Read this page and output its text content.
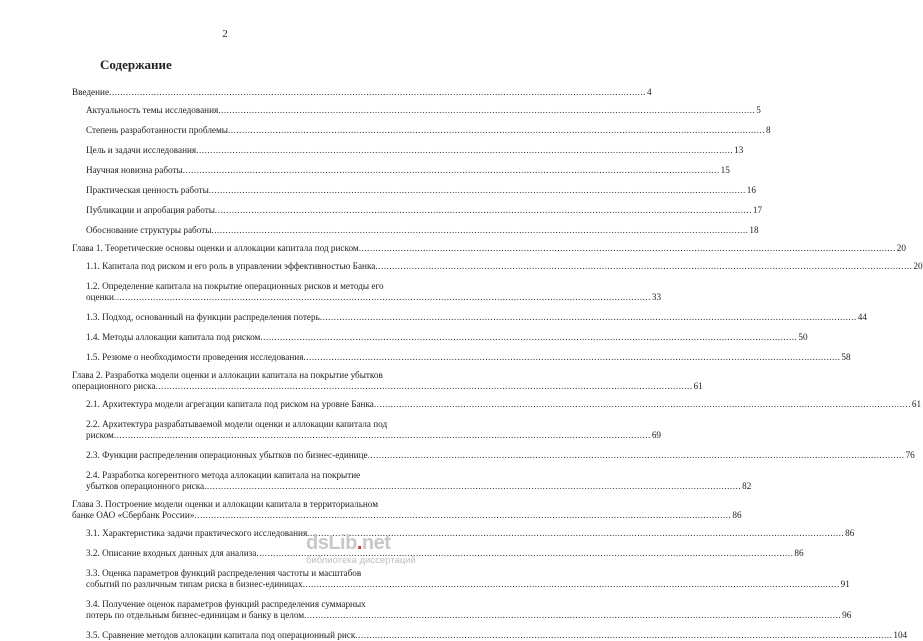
2
Содержание
Введение .....	4
Актуальность темы исследования .....	5
Степень разработанности проблемы .....	8
Цель и задачи исследования .....	13
Научная новизна работы .....	15
Практическая ценность работы .....	16
Публикации и апробация работы .....	17
Обоснование структуры работы .....	18
Глава 1. Теоретические основы оценки и аллокации капитала под риском .....	20
1.1. Капитала под риском и его роль в управлении эффективностью Банка .....	20
1.2. Определение капитала на покрытие операционных рисков и методы его
оценки .....	33
1.3. Подход, основанный на функции распределения потерь .....	44
1.4. Методы аллокации капитала под риском .....	50
1.5. Резюме о необходимости проведения исследования .....	58
Глава 2. Разработка модели оценки и аллокации капитала на покрытие убытков
операционного риска .....	61
2.1. Архитектура модели агрегации капитала под риском на уровне Банка .....	61
2.2. Архитектура разрабатываемой модели оценки и аллокации капитала под
риском .....	69
2.3. Функция распределения операционных убытков по бизнес-единице .....	76
2.4. Разработка когерентного метода аллокации капитала на покрытие
убытков операционного риска .....	82
Глава 3. Построение модели оценки и аллокации капитала в территориальном
банке ОАО «Сбербанк России» .....	86
3.1. Характеристика задачи практического исследования .....	86
3.2. Описание входных данных для анализа .....	86
3.3. Оценка параметров функций распределения частоты и масштабов
событий по различным типам риска в бизнес-единицах .....	91
3.4. Получение оценок параметров функций распределения суммарных
потерь по отдельным бизнес-единицам и банку в целом .....	96
3.5. Сравнение методов аллокации капитала под операционный риск .....	104
dsLib.net
библиотека диссертаций
